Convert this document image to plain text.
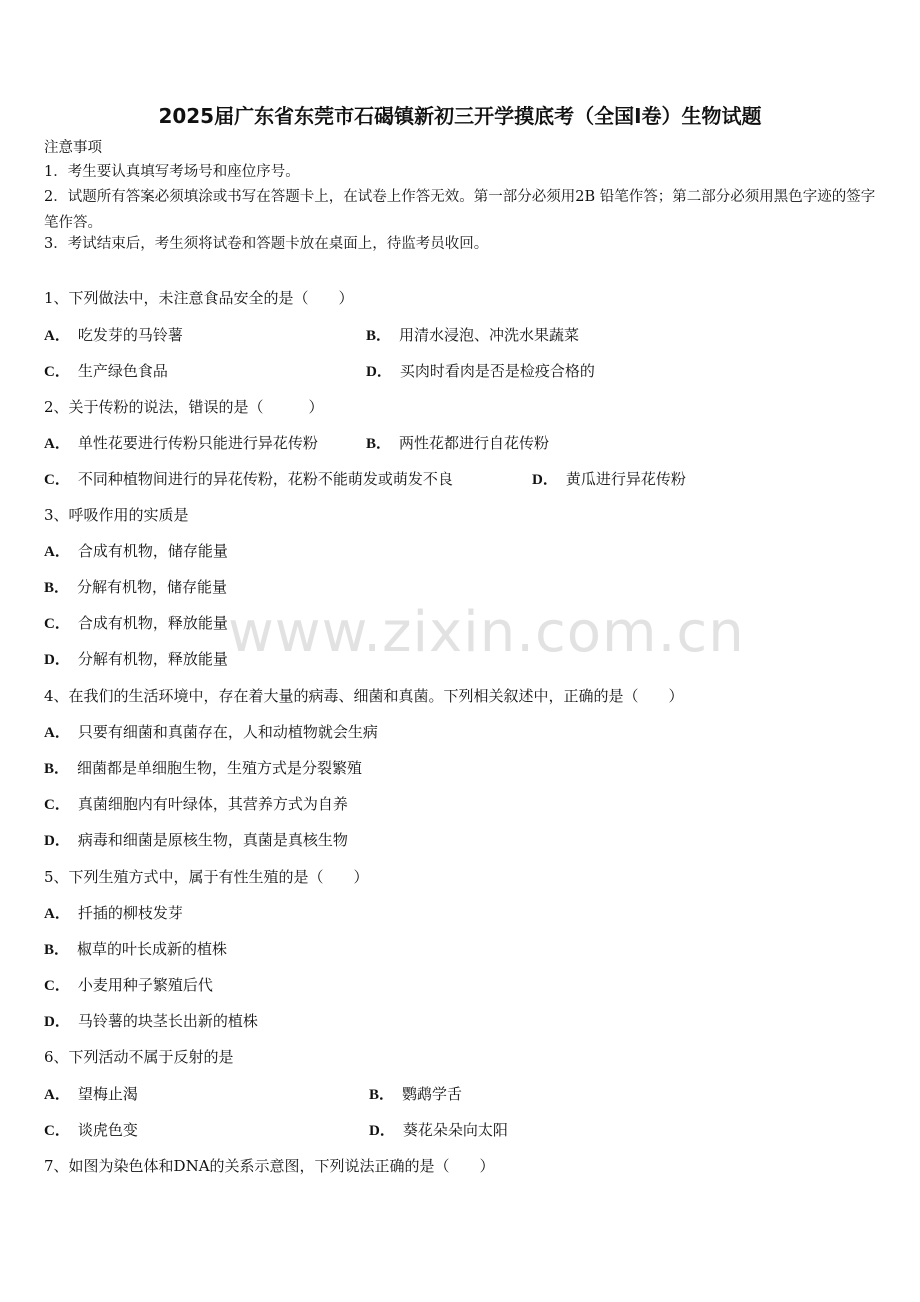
2025届广东省东莞市石碣镇新初三开学摸底考（全国I卷）生物试题
注意事项
1．考生要认真填写考场号和座位序号。
2．试题所有答案必须填涂或书写在答题卡上，在试卷上作答无效。第一部分必须用2B 铅笔作答；第二部分必须用黑色字迹的签字笔作答。
3．考试结束后，考生须将试卷和答题卡放在桌面上，待监考员收回。
1、下列做法中，未注意食品安全的是（　　）
A． 吃发芽的马铃薯	B． 用清水浸泡、冲洗水果蔬菜
C． 生产绿色食品	D． 买肉时看肉是否是检疫合格的
2、关于传粉的说法，错误的是（　　　）
A． 单性花要进行传粉只能进行异花传粉	B． 两性花都进行自花传粉
C． 不同种植物间进行的异花传粉，花粉不能萌发或萌发不良	D． 黄瓜进行异花传粉
3、呼吸作用的实质是
A． 合成有机物，储存能量
B． 分解有机物，储存能量
C． 合成有机物，释放能量
D． 分解有机物，释放能量
4、在我们的生活环境中，存在着大量的病毒、细菌和真菌。下列相关叙述中，正确的是（　　）
A． 只要有细菌和真菌存在，人和动植物就会生病
B． 细菌都是单细胞生物，生殖方式是分裂繁殖
C． 真菌细胞内有叶绿体，其营养方式为自养
D． 病毒和细菌是原核生物，真菌是真核生物
5、下列生殖方式中，属于有性生殖的是（　　）
A． 扦插的柳枝发芽
B． 椒草的叶长成新的植株
C． 小麦用种子繁殖后代
D． 马铃薯的块茎长出新的植株
6、下列活动不属于反射的是
A． 望梅止渴	B． 鹦鹉学舌
C． 谈虎色变	D． 葵花朵朵向太阳
7、如图为染色体和DNA的关系示意图，下列说法正确的是（　　）
www.zixin.com.cn
